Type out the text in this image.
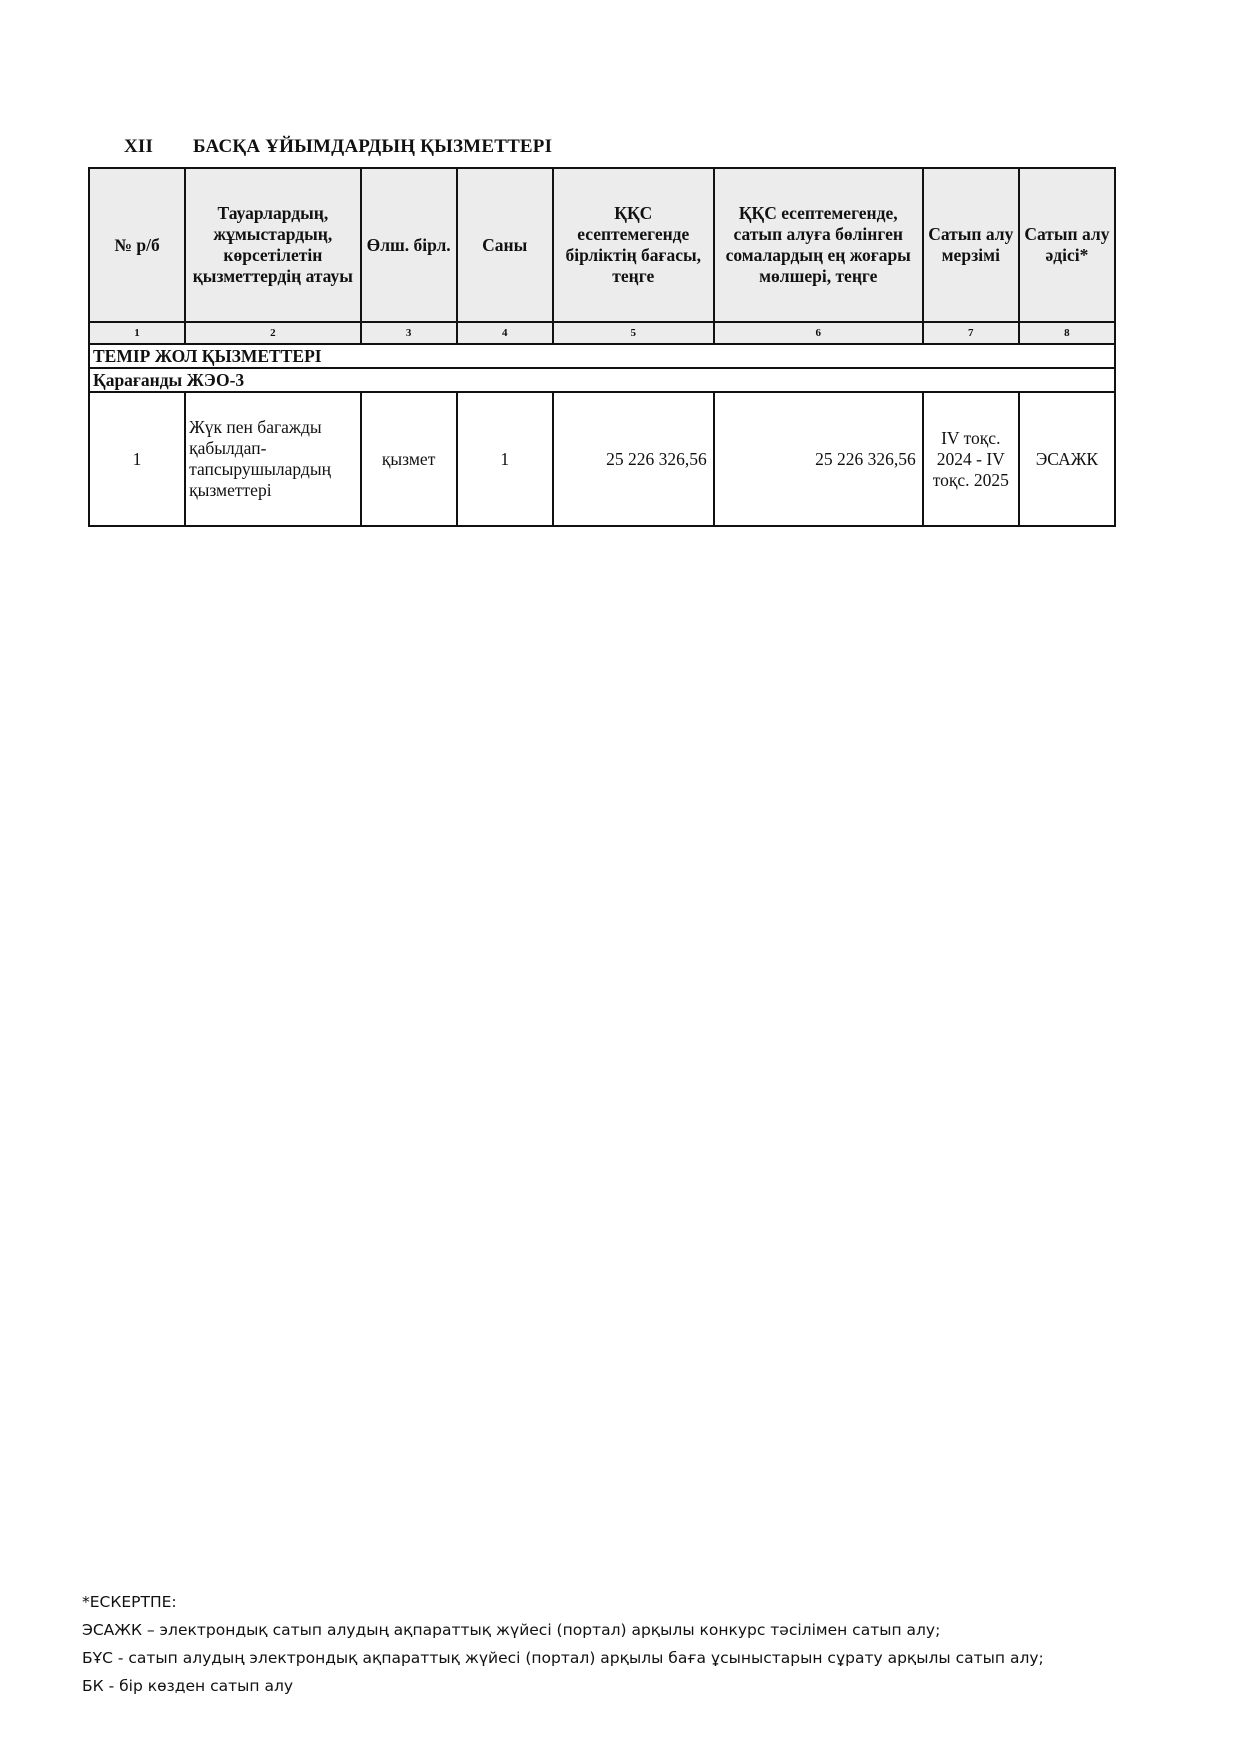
XII БАСҚА ҰЙЫМДАРДЫҢ ҚЫЗМЕТТЕРІ
№ р/б	Тауарлардың, жұмыстардың, көрсетілетін қызметтердің атауы	Өлш. бірл.	Саны	ҚҚС есептемегенде бірліктің бағасы, теңге	ҚҚС есептемегенде, сатып алуға бөлінген сомалардың ең жоғары мөлшері, теңге	Сатып алу мерзімі	Сатып алу әдісі*
1	2	3	4	5	6	7	8
ТЕМІР ЖОЛ ҚЫЗМЕТТЕРІ							
Қарағанды ЖЭО-3							
1	Жүк пен багажды қабылдап-тапсырушылардың қызметтері	қызмет	1	25 226 326,56	25 226 326,56	IV тоқс. 2024 - IV тоқс. 2025	ЭСАЖК
*ЕСКЕРТПЕ:
ЭСАЖК – электрондық сатып алудың ақпараттық жүйесі (портал) арқылы конкурс тәсілімен сатып алу;
БҰС - сатып алудың электрондық ақпараттық жүйесі (портал) арқылы баға ұсыныстарын сұрату арқылы сатып алу;
БК - бір көзден сатып алу
